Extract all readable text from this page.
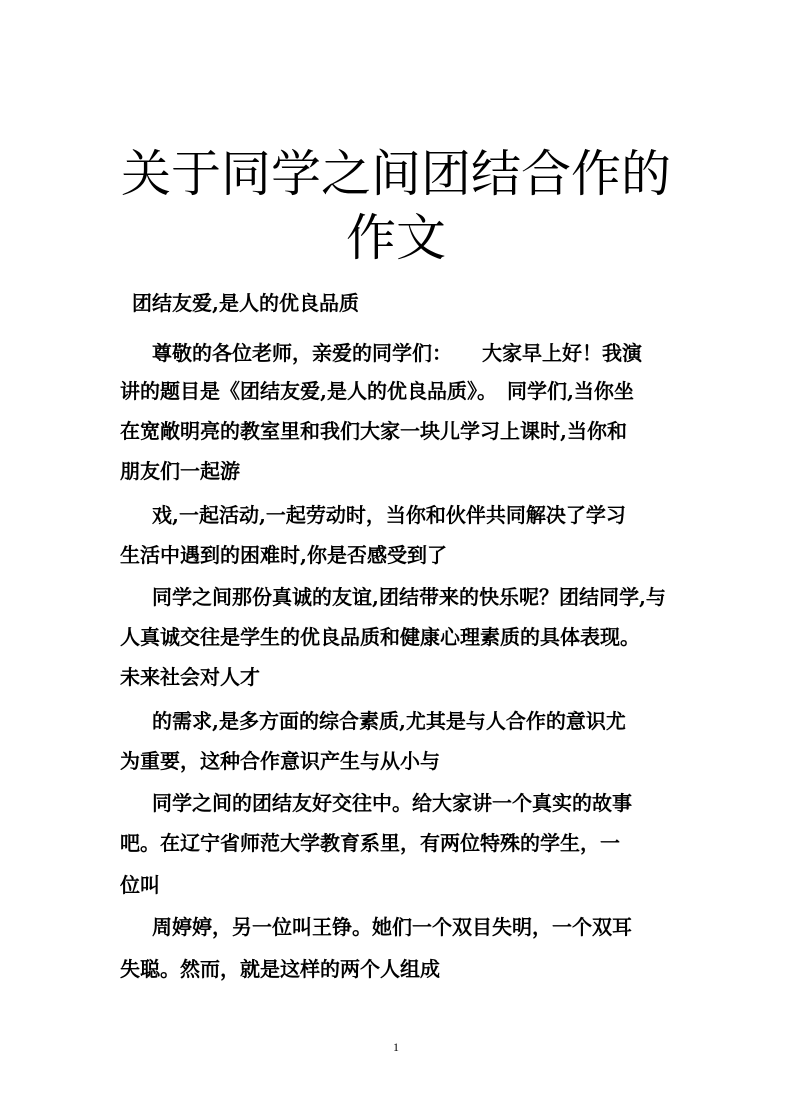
关于同学之间团结合作的
作文

团结友爱,是人的优良品质

尊敬的各位老师，亲爱的同学们：　　大家早上好！我演

讲的题目是《团结友爱,是人的优良品质》。　同学们,当你坐

在宽敞明亮的教室里和我们大家一块儿学习上课时,当你和

朋友们一起游

戏,一起活动,一起劳动时，当你和伙伴共同解决了学习

生活中遇到的困难时,你是否感受到了

同学之间那份真诚的友谊,团结带来的快乐呢？团结同学,与

人真诚交往是学生的优良品质和健康心理素质的具体表现。

未来社会对人才

的需求,是多方面的综合素质,尤其是与人合作的意识尤

为重要，这种合作意识产生与从小与

同学之间的团结友好交往中。给大家讲一个真实的故事

吧。在辽宁省师范大学教育系里，有两位特殊的学生，一

位叫

周婷婷，另一位叫王铮。她们一个双目失明，一个双耳

失聪。然而，就是这样的两个人组成

1
